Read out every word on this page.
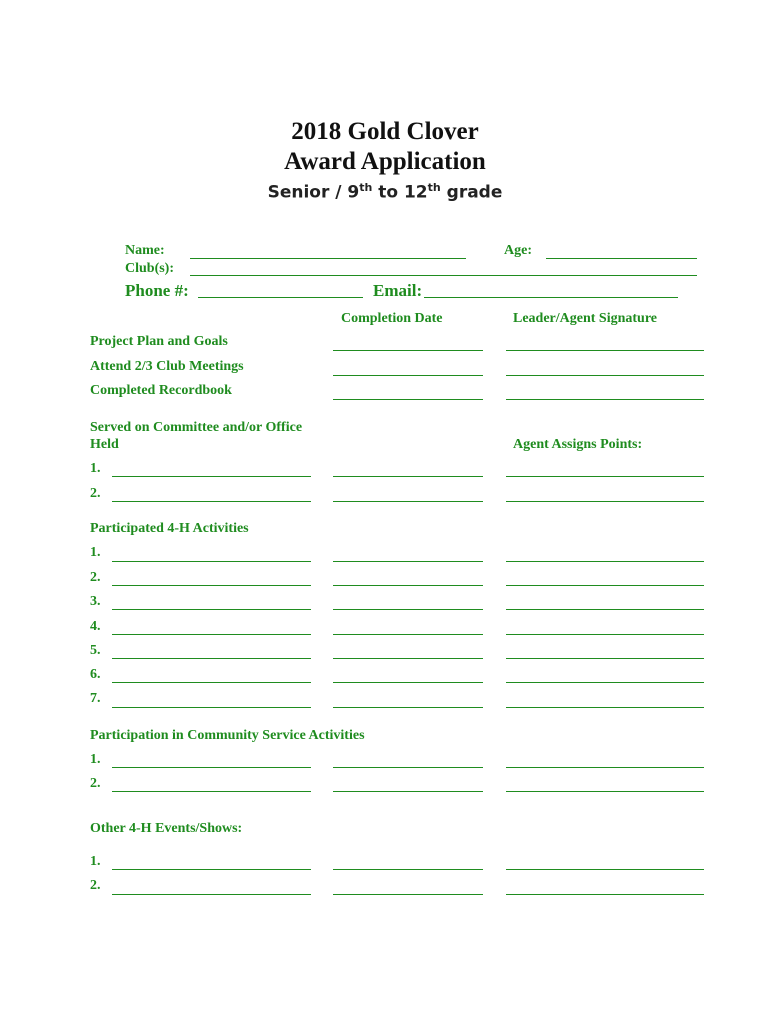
2018 Gold Clover
Award Application
Senior / 9th to 12th grade
Name:	Age:
Club(s):
Phone #:	Email:
Completion Date	Leader/Agent Signature
Project Plan and Goals
Attend 2/3 Club Meetings
Completed Recordbook
Served on Committee and/or Office
Held	Agent Assigns Points:
1.
2.
Participated 4-H Activities
1.
2.
3.
4.
5.
6.
7.
Participation in Community Service Activities
1.
2.
Other 4-H Events/Shows:
1.
2.
